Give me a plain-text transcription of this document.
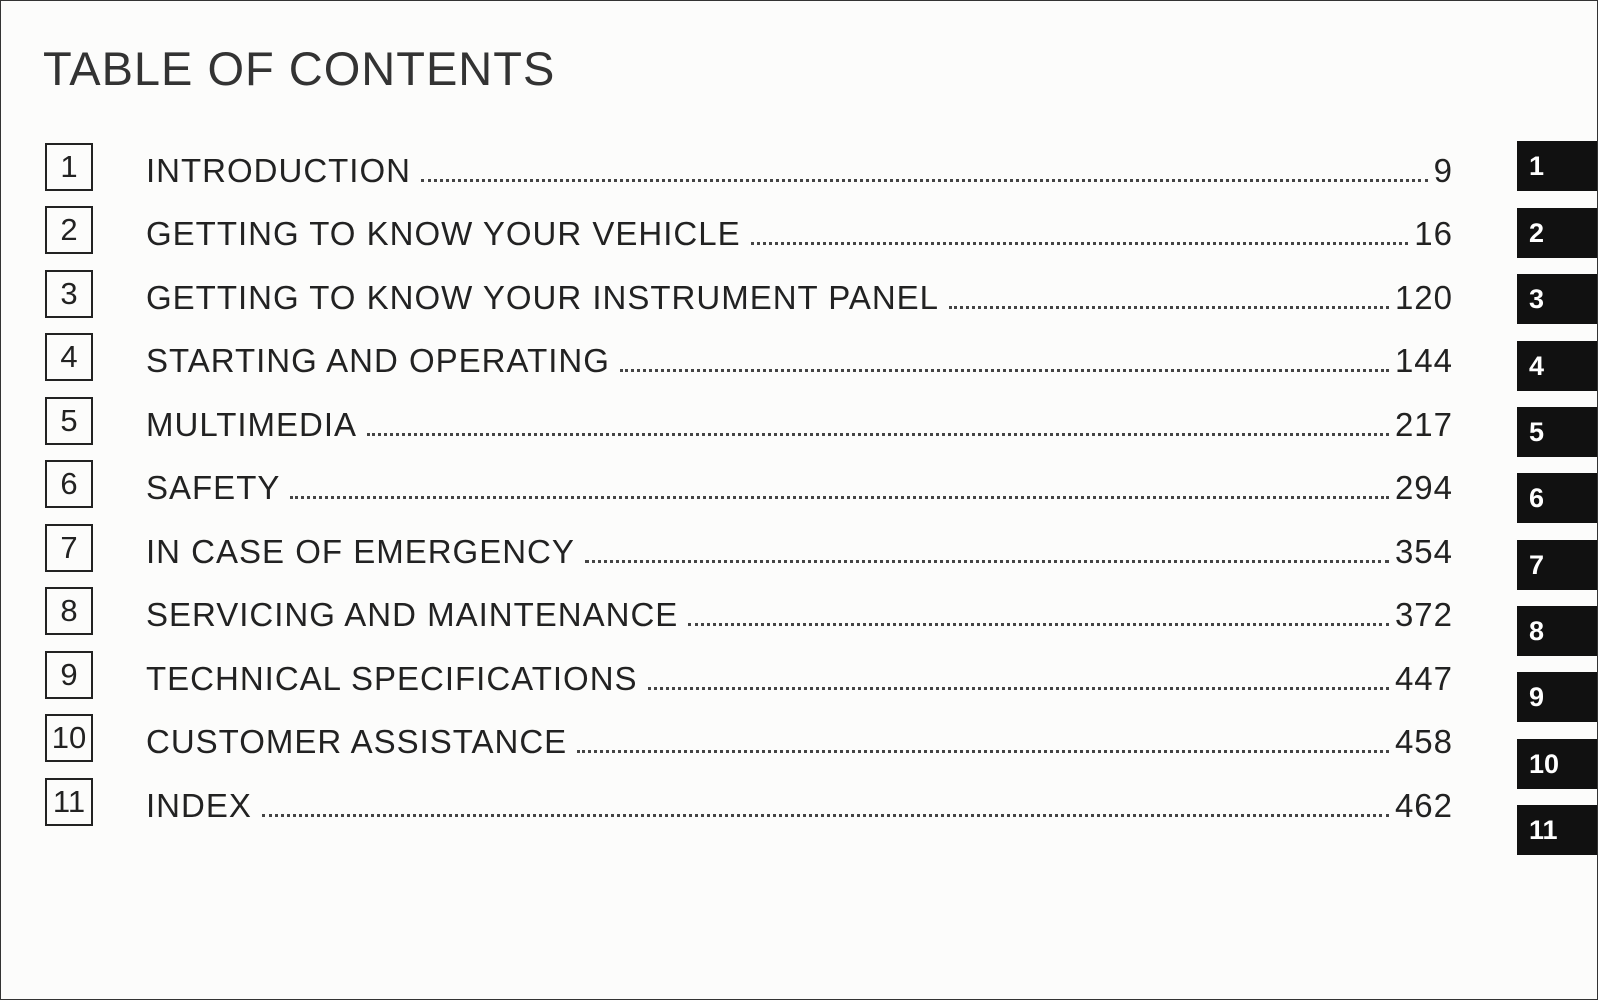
TABLE OF CONTENTS
1	INTRODUCTION	9
2	GETTING TO KNOW YOUR VEHICLE	16
3	GETTING TO KNOW YOUR INSTRUMENT PANEL	120
4	STARTING AND OPERATING	144
5	MULTIMEDIA	217
6	SAFETY	294
7	IN CASE OF EMERGENCY	354
8	SERVICING AND MAINTENANCE	372
9	TECHNICAL SPECIFICATIONS	447
10 CUSTOMER ASSISTANCE	458
11 INDEX	462
1
2
3
4
5
6
7
8
9
10
11
